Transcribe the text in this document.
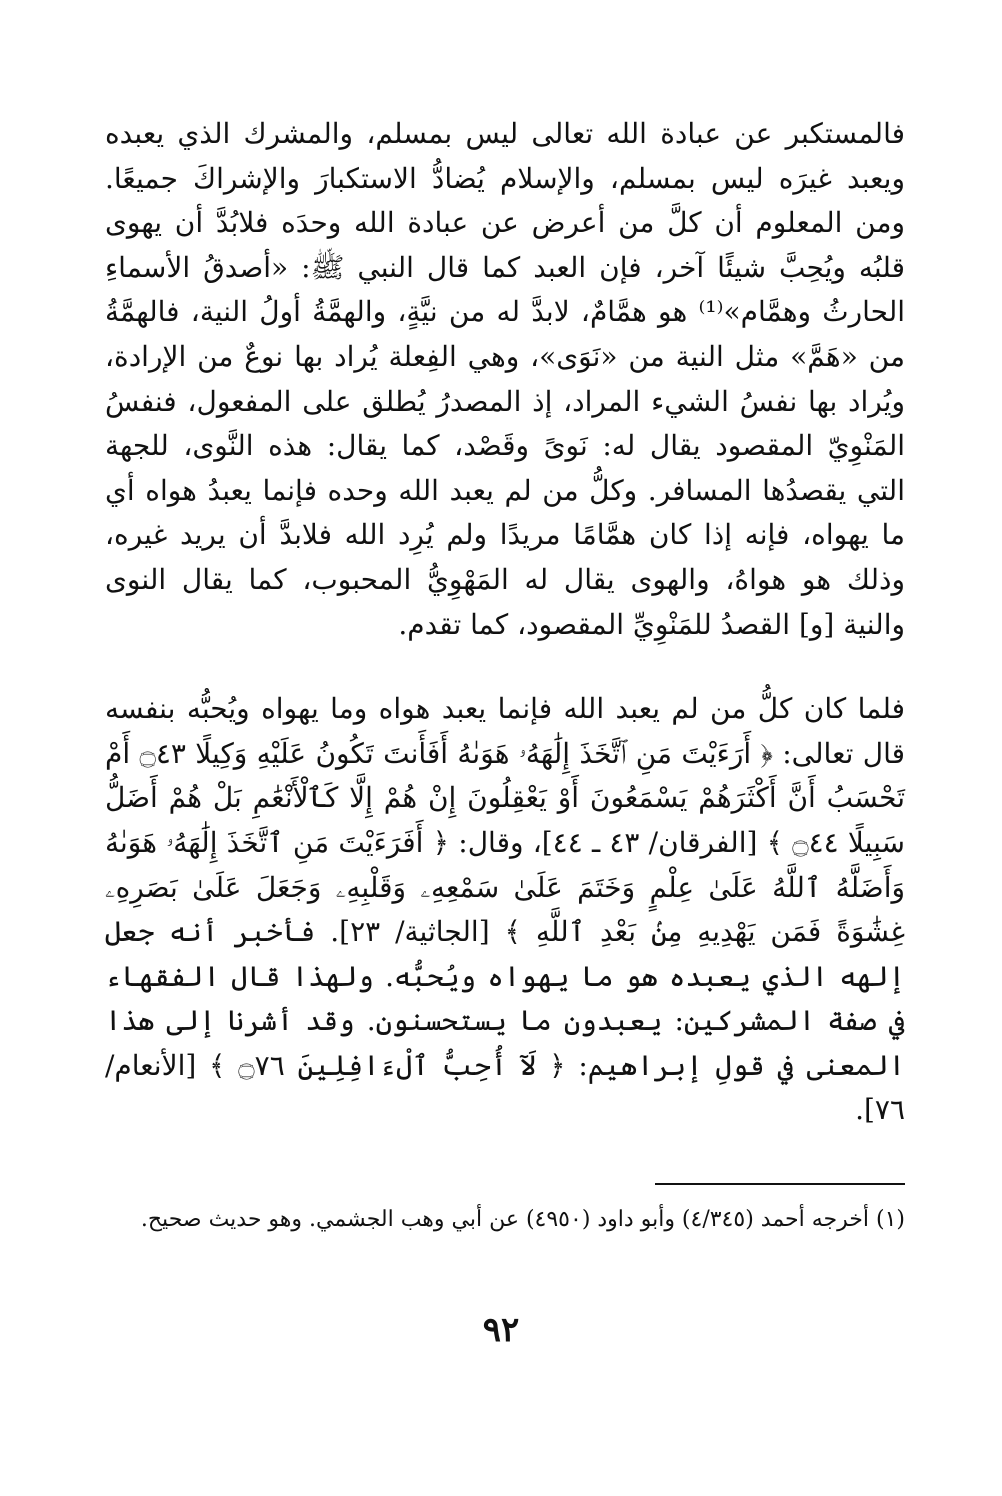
فالمستكبر عن عبادة الله تعالى ليس بمسلم، والمشرك الذي يعبده ويعبد غيرَه ليس بمسلم، والإسلام يُضادُّ الاستكبارَ والإشراكَ جميعًا. ومن المعلوم أن كلَّ من أعرض عن عبادة الله وحدَه فلابُدَّ أن يهوى قلبُه ويُحِبَّ شيئًا آخر، فإن العبد كما قال النبي ﷺ: «أصدقُ الأسماءِ الحارثُ وهمَّام»⁽¹⁾ هو همَّامٌ، لابدَّ له من نيَّةٍ، والهمَّةُ أولُ النية، فالهمَّةُ من «هَمَّ» مثل النية من «نَوَى»، وهي الفِعلة يُراد بها نوعٌ من الإرادة، ويُراد بها نفسُ الشيء المراد، إذ المصدرُ يُطلق على المفعول، فنفسُ المَنْوِيّ المقصود يقال له: نَوىً وقَصْد، كما يقال: هذه النَّوى، للجهة التي يقصدُها المسافر. وكلُّ من لم يعبد الله وحده فإنما يعبدُ هواه أي ما يهواه، فإنه إذا كان همَّامًا مريدًا ولم يُرِد الله فلابدَّ أن يريد غيره، وذلك هو هواهُ، والهوى يقال له المَهْوِيُّ المحبوب، كما يقال النوى والنية [و] القصدُ للمَنْوِيِّ المقصود، كما تقدم.

فلما كان كلُّ من لم يعبد الله فإنما يعبد هواه وما يهواه ويُحبُّه بنفسه قال تعالى: ﴿ أَرَءَيْتَ مَنِ ٱتَّخَذَ إِلَٰهَهُۥ هَوَىٰهُ أَفَأَنتَ تَكُونُ عَلَيْهِ وَكِيلًا ۝٤٣ أَمْ تَحْسَبُ أَنَّ أَكْثَرَهُمْ يَسْمَعُونَ أَوْ يَعْقِلُونَ إِنْ هُمْ إِلَّا كَٱلْأَنْعَٰمِ بَلْ هُمْ أَضَلُّ سَبِيلًا ۝٤٤ ﴾ [الفرقان/ ٤٣ ـ ٤٤]، وقال: ﴿ أَفَرَءَيْتَ مَنِ ٱتَّخَذَ إِلَٰهَهُۥ هَوَىٰهُ وَأَضَلَّهُ ٱللَّهُ عَلَىٰ عِلْمٍ وَخَتَمَ عَلَىٰ سَمْعِهِۦ وَقَلْبِهِۦ وَجَعَلَ عَلَىٰ بَصَرِهِۦ غِشَٰوَةً فَمَن يَهْدِيهِ مِنۢ بَعْدِ ٱللَّهِ ﴾ [الجاثية/ ٢٣]. فأخبر أنه جعل إلهه الذي يعبده هو ما يهواه ويُحبُّه. ولهذا قال الفقهاء في صفة المشركين: يعبدون ما يستحسنون. وقد أشرنا إلى هذا المعنى في قولِ إبراهيم: ﴿ لَآ أُحِبُّ ٱلْءَافِلِينَ ۝٧٦ ﴾ [الأنعام/ ٧٦].

(١) أخرجه أحمد (٤/٣٤٥) وأبو داود (٤٩٥٠) عن أبي وهب الجشمي. وهو حديث صحيح.

٩٢
